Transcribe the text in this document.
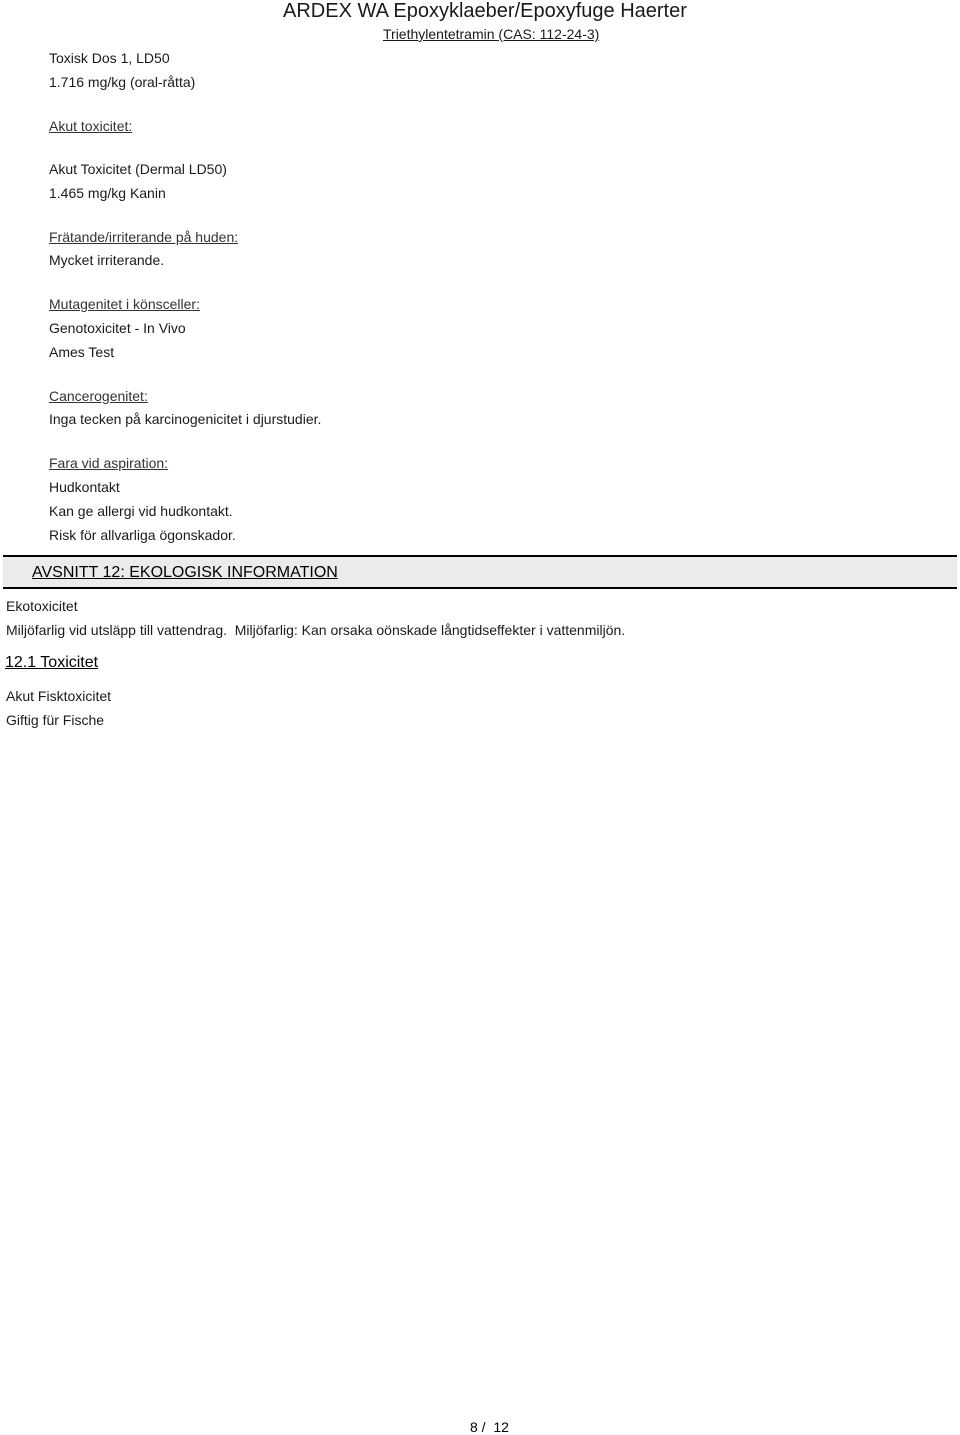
ARDEX WA Epoxyklaeber/Epoxyfuge Haerter
Triethylentetramin (CAS: 112-24-3)
Toxisk Dos 1, LD50
1.716 mg/kg (oral-råtta)
Akut toxicitet:
Akut Toxicitet (Dermal LD50)
1.465 mg/kg Kanin
Frätande/irriterande på huden:
Mycket irriterande.
Mutagenitet i könsceller:
Genotoxicitet - In Vivo
Ames Test
Cancerogenitet:
Inga tecken på karcinogenicitet i djurstudier.
Fara vid aspiration:
Hudkontakt
Kan ge allergi vid hudkontakt.
Risk för allvarliga ögonskador.
AVSNITT 12: EKOLOGISK INFORMATION
Ekotoxicitet
Miljöfarlig vid utsläpp till vattendrag.  Miljöfarlig: Kan orsaka oönskade långtidseffekter i vattenmiljön.
12.1 Toxicitet
Akut Fisktoxicitet
Giftig für Fische
8 /  12
